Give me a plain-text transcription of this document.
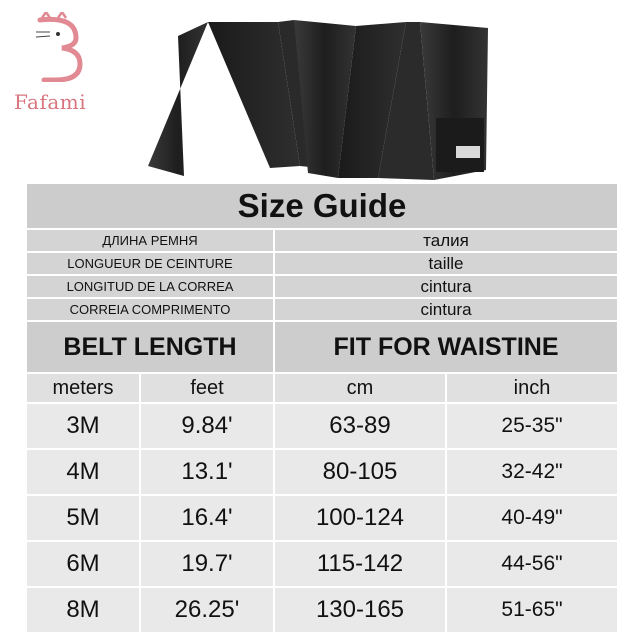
Fafami
Size Guide			
ДЛИНА РЕМНЯ		талия	
LONGUEUR DE CEINTURE		taille	
LONGITUD DE LA CORREA		cintura	
CORREIA COMPRIMENTO		cintura	
BELT LENGTH		FIT FOR WAISTINE	
meters	feet	cm	inch
3M	9.84'	63-89	25-35"
4M	13.1'	80-105	32-42"
5M	16.4'	100-124	40-49"
6M	19.7'	115-142	44-56"
8M	26.25'	130-165	51-65"
